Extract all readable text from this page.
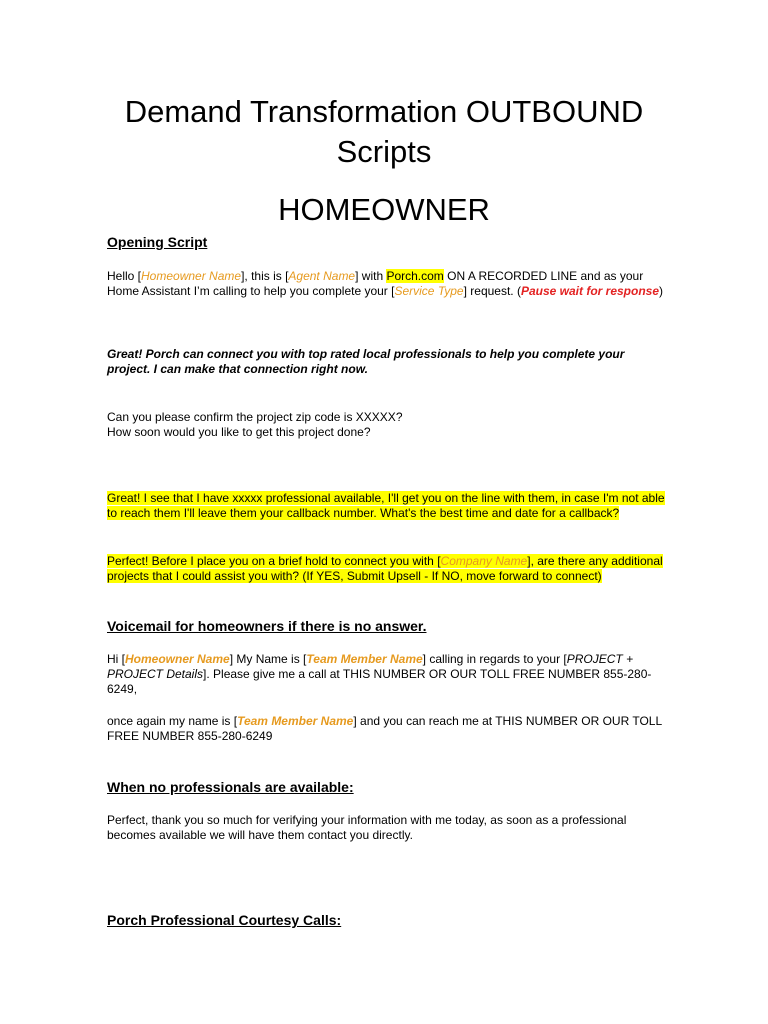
Demand Transformation OUTBOUND
Scripts
HOMEOWNER

Opening Script

Hello [Homeowner Name], this is [Agent Name] with Porch.com ON A RECORDED LINE and as your Home Assistant I’m calling to help you complete your [Service Type] request. (Pause wait for response)

Great! Porch can connect you with top rated local professionals to help you complete your project. I can make that connection right now.

Can you please confirm the project zip code is XXXXX?
How soon would you like to get this project done?

Great! I see that I have xxxxx professional available, I'll get you on the line with them, in case I'm not able to reach them I'll leave them your callback number. What's the best time and date for a callback?

Perfect! Before I place you on a brief hold to connect you with [Company Name], are there any additional projects that I could assist you with? (If YES, Submit Upsell - If NO, move forward to connect)

Voicemail for homeowners if there is no answer.

Hi [Homeowner Name] My Name is [Team Member Name] calling in regards to your [PROJECT + PROJECT Details]. Please give me a call at THIS NUMBER OR OUR TOLL FREE NUMBER 855-280-6249,

once again my name is [Team Member Name] and you can reach me at THIS NUMBER OR OUR TOLL FREE NUMBER 855-280-6249

When no professionals are available:

Perfect, thank you so much for verifying your information with me today, as soon as a professional becomes available we will have them contact you directly.

Porch Professional Courtesy Calls:
